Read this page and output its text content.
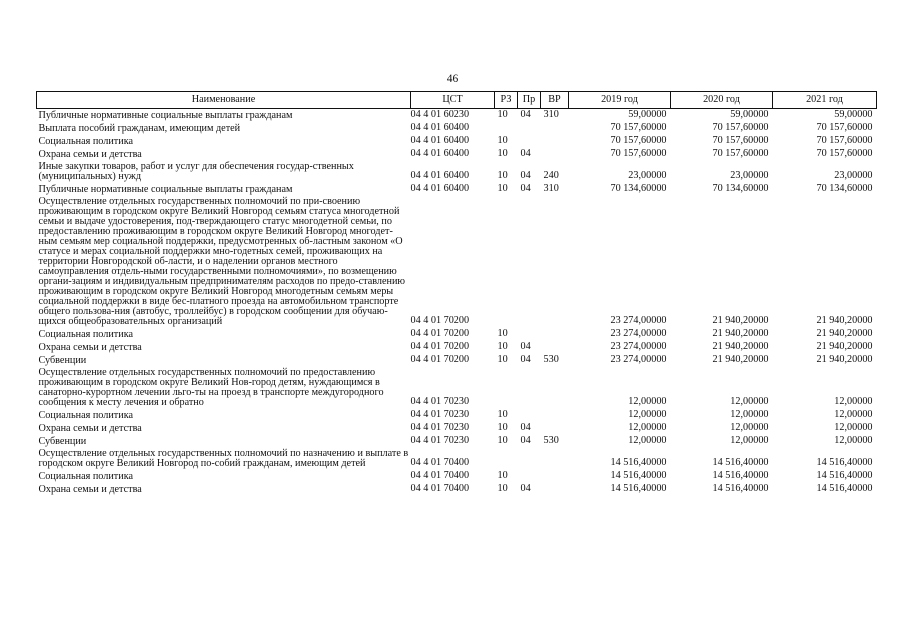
46
Наименование	ЦСТ	РЗ	Пр	ВР	2019 год	2020 год	2021 год
Публичные нормативные социальные выплаты гражданам	04 4 01 60230	10	04	310	59,00000	59,00000	59,00000
Выплата пособий гражданам, имеющим детей	04 4 01 60400				70 157,60000	70 157,60000	70 157,60000
Социальная политика	04 4 01 60400	10			70 157,60000	70 157,60000	70 157,60000
Охрана семьи и детства	04 4 01 60400	10	04		70 157,60000	70 157,60000	70 157,60000
Иные закупки товаров, работ и услуг для обеспечения государ-ственных (муниципальных) нужд	04 4 01 60400	10	04	240	23,00000	23,00000	23,00000
Публичные нормативные социальные выплаты гражданам	04 4 01 60400	10	04	310	70 134,60000	70 134,60000	70 134,60000
Осуществление отдельных государственных полномочий по при-своению проживающим в городском округе Великий Новгород семьям статуса многодетной семьи и выдаче удостоверения, под-тверждающего статус многодетной семьи, по предоставлению проживающим в городском округе Великий Новгород многодет-ным семьям мер социальной поддержки, предусмотренных об-ластным законом «О статусе и мерах социальной поддержки мно-годетных семей, проживающих на территории Новгородской об-ласти, и о наделении органов местного самоуправления отдель-ными государственными полномочиями», по возмещению органи-зациям и индивидуальным предпринимателям расходов по предо-ставлению проживающим в городском округе Великий Новгород многодетным семьям меры социальной поддержки в виде бес-платного проезда на автомобильном транспорте общего пользова-ния (автобус, троллейбус) в городском сообщении для обучаю-щихся общеобразовательных организаций	04 4 01 70200				23 274,00000	21 940,20000	21 940,20000
Социальная политика	04 4 01 70200	10			23 274,00000	21 940,20000	21 940,20000
Охрана семьи и детства	04 4 01 70200	10	04		23 274,00000	21 940,20000	21 940,20000
Субвенции	04 4 01 70200	10	04	530	23 274,00000	21 940,20000	21 940,20000
Осуществление отдельных государственных полномочий по предоставлению проживающим в городском округе Великий Нов-город детям, нуждающимся в санаторно-курортном лечении льго-ты на проезд в транспорте междугородного сообщения к месту лечения и обратно	04 4 01 70230				12,00000	12,00000	12,00000
Социальная политика	04 4 01 70230	10			12,00000	12,00000	12,00000
Охрана семьи и детства	04 4 01 70230	10	04		12,00000	12,00000	12,00000
Субвенции	04 4 01 70230	10	04	530	12,00000	12,00000	12,00000
Осуществление отдельных государственных полномочий по назначению и выплате в городском округе Великий Новгород по-собий гражданам, имеющим детей	04 4 01 70400				14 516,40000	14 516,40000	14 516,40000
Социальная политика	04 4 01 70400	10			14 516,40000	14 516,40000	14 516,40000
Охрана семьи и детства	04 4 01 70400	10	04		14 516,40000	14 516,40000	14 516,40000
